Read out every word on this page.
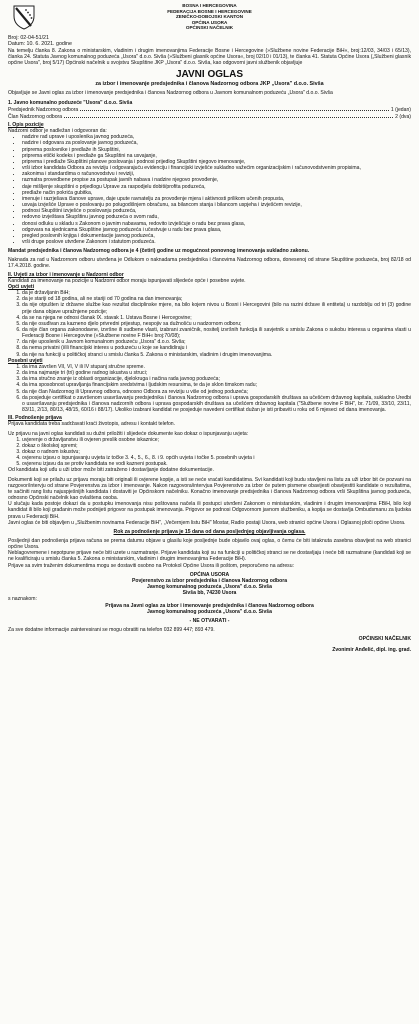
BOSNA I HERCEGOVINA
FEDERACIJA BOSNE I HERCEGOVINE
ZENIČKO-DOBOJSKI KANTON
OPĆINA USORA
OPĆINSKI NAČELNIK
Broj: 02-04-51/21
Datum: 10. 6. 2021. godine

Na temelju članka 8. Zakona o ministarskim, vladinim i drugim imenovanjima Federacije Bosne i Hercegovine (»Službene novine Federacije BiH«, broj:12/03, 34/03 i 65/13), članka 24. Statuta Javnog komunalnog poduzeća „Usora" d.o.o. Sivša (»Službeni glasnik općine Usora«, broj 02/10 i 01/13), te članka 41. Statuta Općine Usora („Službeni glasnik općine Usora", broj 5/17) Općinski načelnik u svojstvu Skupštine JKP „Usora" d.o.o. Sivša, kao odgovorni javni službenik objavljuje

JAVNI OGLAS
za izbor i imenovanje predsjednika i članova Nadzornog odbora JKP „Usora" d.o.o. Sivša

Objavljuje se Javni oglas za izbor i imenovanje predsjednika i članova Nadzornog odbora u Javnom komunalnom poduzeću „Usora" d.o.o. Sivša

1. Javno komunalno poduzeće "Usora" d.o.o. Sivša
Predsjednik Nadzornog odbora	1 (jedan)
Član Nadzornog odbora	2 (dva)
I. Opis pozicije
Nadzorni odbor je nadležan i odgovoran da:
• nadzire rad uprave i uposlenika javnog poduzeća,
• nadzire i odgovara za poslovanje javnog poduzeća,
• priprema poslovnike i predlaže ih Skupštini,
• priprema etički kodeks i predlaže ga Skupštini na usvajanje,
• priprema i predlaže Skupštini planove poslovanja i podnosi prijedlog Skupštini njegovo imenovanje,
• vrši izbor kandidata Odbora za reviziju i odgovarajuću evidenciju i financijski izvješće sukladno važećim organizacijskim i računovodstvenim propisima,
• zakonima i standardima o računovodstvu i reviziji,
• razmatra provedbene propise za postupak javnih nabava i nadzire njegovo provođenje,
• daje mišljenje skupštini o prijedlogu Uprave za raspodjelu dobiti/profita poduzeća,
• predlaže način pokrića gubitka,
• imenuje i razrješava članove uprave, daje upute ravnatelju za provođenje mjera i aktivnosti prilikom učenih propusta,
• usvaja izvješće Uprave o poslovanju po polugodišnjem obračunu, sa bilancom stanja i bilancom uspjeha i izvješćem revizije,
• podnosi Skupštini izvješće o poslovanju poduzeća,
• redovno izvještava Skupštinu javnog poduzeća o svom radu,
• donosi odluku u skladu s Zakonom o javnim nabavama, redovito izvješćuje o radu bez prava glasa,
• odgovara na sjednicama Skupštine javnog poduzeća i učestvuje u radu bez prava glasa,
• pregled poslovnih knjiga i dokumentacije javnog poduzeća,
• vrši druge poslove utvrđene Zakonom i statutom poduzeća.

Mandat predsjednika i članova Nadzornog odbora je 4 (četiri) godine uz mogućnost ponovnog imenovanja sukladno zakonu.

Naknada za rad u Nadzornom odboru utvrđena je Odlukom o naknadama predsjednika i članovima Nadzornog odbora, donesenoj od strane Skupštine poduzeća, broj 82/18 od 17.4.2018. godine.

II. Uvjeti za izbor i imenovanje u Nadzorni odbor

Kandidati za imenovanje na pozicije u Nadzorni odbor moraju ispunjavati slijedeće opće i posebne uvjete.

Opći uvjeti
1. da je državljanin BiH;
2. da je stariji od 18 godina, ali ne stariji od 70 godina na dan imenovanja;
3. da nije otpušten iz državne službe kao rezultat disciplinske mjere, na bilo kojem nivou u Bosni i Hercegovini (bilo na razini države ili entiteta) u razdoblju od tri (3) godine prije dana objave upražnjene pozicije;
4. da se na njega ne odnosi članak IX. stavak 1. Ustava Bosne i Hercegovine;
5. da nije osuđivan za kazneno djelo privredni prijestup, nespojiv sa dužnošću u nadzornom odboru;
6. da nije član organa zakonodavne, izvršne ili sudbene vlasti, izabrani zvaničnik, nositelj izvršnih funkcija ili savjetnik u smislu Zakona o sukobu interesa u organima vlasti u Federaciji Bosne i Hercegovine (»Službene novine F BiH« broj:70/08);
7. da nije uposlenik u Javnom komunalnom poduzeću „Usora" d.o.o. Sivša;
8. da nema privatni (i/ili financijski interes u poduzeću u koje se kandidiraju i
9. da nije na funkciji u političkoj stranci u smislu članka 5. Zakona o ministarskim, vladinim i drugim imenovanjima.
Posebni uvjeti
1. da ima završen VII, VI, V ili IV stupanj stručne spreme.
2. da ima najmanje tri (tri) godine radnog iskustva u struci;
3. da ima stručno znanje iz oblasti organizacije, djelokruga i načina rada javnog poduzeća;
4. da ima sposobnost upravljanja financijskim sredstvima i ljudskim resursima, te da je sklon timskom radu;
5. da nije član Nadzornog ili Upravnog odbora, odnosno Odbora za reviziju u više od jednog poduzeća;
6. da posjeduje certifikat o završenom usavršavanju predsjednika i članova Nadzornog odbora i uprava gospodarskih društava sa učešćem državnog kapitala, sukladno Uredbi o usavršavanju predsjednika i članova nadzornih odbora i uprava gospodarskih društava sa učešćem državnog kapitala ("Službene novine F BiH", br. 71/09, 33/10, 23/11, 83/11, 2/13, 80/13, 48/15, 60/16 i 88/17). Ukoliko izabrani kandidat ne posjeduje navedeni certifikat dužan je isti pribaviti u roku od 6 mjeseci od dana imenovanja.
III. Podnošenje prijava

Prijava kandidata treba sadržavati kraći životopis, adresu i kontakt telefon.

Uz prijavu na javni oglas kandidati su dužni priložiti i slijedeće dokumente kao dokaz o ispunjavanju uvjeta:

1. uvjerenje o državljanstvu ili ovjeren preslik osobne iskaznice;
2. dokaz o školskoj spremi;
3. dokaz o radnom iskustvu;
4. ovjerenu izjavu o ispunjavanju uvjeta iz točke 3. 4., 5., 6., 8. i 9. općih uvjeta i točke 5. posebnih uvjeta i
5. ovjerenu izjavu da se protiv kandidata ne vodi kazneni postupak.

Od kandidata koji uđu u uži izbor može biti zatraženo i dostavljanje dodatne dokumentacije.

Dokumenti koji se prilažu uz prijavu moraju biti originali ili ovjerene kopije, a isti se neće vraćati kandidatima. Svi kandidati koji budu stavljeni na listu za uži izbor bit će pozvani na razgovor/intervju od strane Povjerenstva za izbor i imenovanje. Nakon razgovora/intervjua Povjerenstvo za izbor će putem pismene obavijesti obavijestiti kandidate o rezultatima, te sačiniti rang listu najuspješnijih kandidata i dostaviti je Općinskom načelniku. Konačno imenovanje predsjednika i članova Nadzornog odbora vrši Skupština javnog poduzeća, odnosno Općinski načelnik kao ovlaštena osoba.

U slučaju kada postoje dokazi da u postupku imenovanja nisu poštovana načela ili postupci utvrđeni Zakonom o ministarskim, vladinim i drugim imenovanjima FBiH, bilo koji kandidat ili bilo koji građanin može podnijeti prigovor na postupak imenovanja. Prigovor se podnosi Odgovornom javnom službeniku, a kopija se dostavlja Ombudsmanu za ljudska prava u Federaciji BiH.

Javni oglas će biti objavljen u „Službenim novinama Federacije BiH", „Večernjem listu BiH" Mostar, Radio postaji Usora, web stranici općine Usora i Oglasnoj ploči općine Usora.

Rok za podnošenje prijava je 15 dana od dana posljednjeg objavljivanja oglasa.

Posljednji dan podnošenja prijava računa se prema datumu objave u glasilu koje posljednje bude objavilo ovaj oglas, o čemu će biti istaknuta zasebna obavijest na web stranici općine Usora.

Neblagovremene i nepotpune prijave neće biti uzete u razmatranje. Prijave kandidata koji su na funkciji u političkoj stranci se ne dostavljaju i neće biti razmatrane (kandidati koji se ne kvalificiraju u smislu članka 5. Zakona o ministarskim, vladinim i drugim imenovanjima Federacije BiH).

Prijave sa svim traženim dokumentima mogu se dostaviti osobno na Protokol Općine Usora ili poštom, preporučeno na adresu:

OPĆINA USORA
Povjerenstvo za izbor predsjednika i članova Nadzornog odbora
Javnog komunalnog poduzeća „Usora" d.o.o. Sivša
Sivša bb, 74230 Usora
s naznakom:
Prijava na Javni oglas za izbor i imenovanje predsjednika i članova Nadzornog odbora
Javnog komunalnog poduzeća „Usora" d.o.o. Sivša
- NE OTVARATI -

Za sve dodatne informacije zainteresirani se mogu obratiti na telefon 032 899 447; 893 479.

OPĆINSKI NAČELNIK
Zvonimir Anđelić, dipl. ing. grad.
